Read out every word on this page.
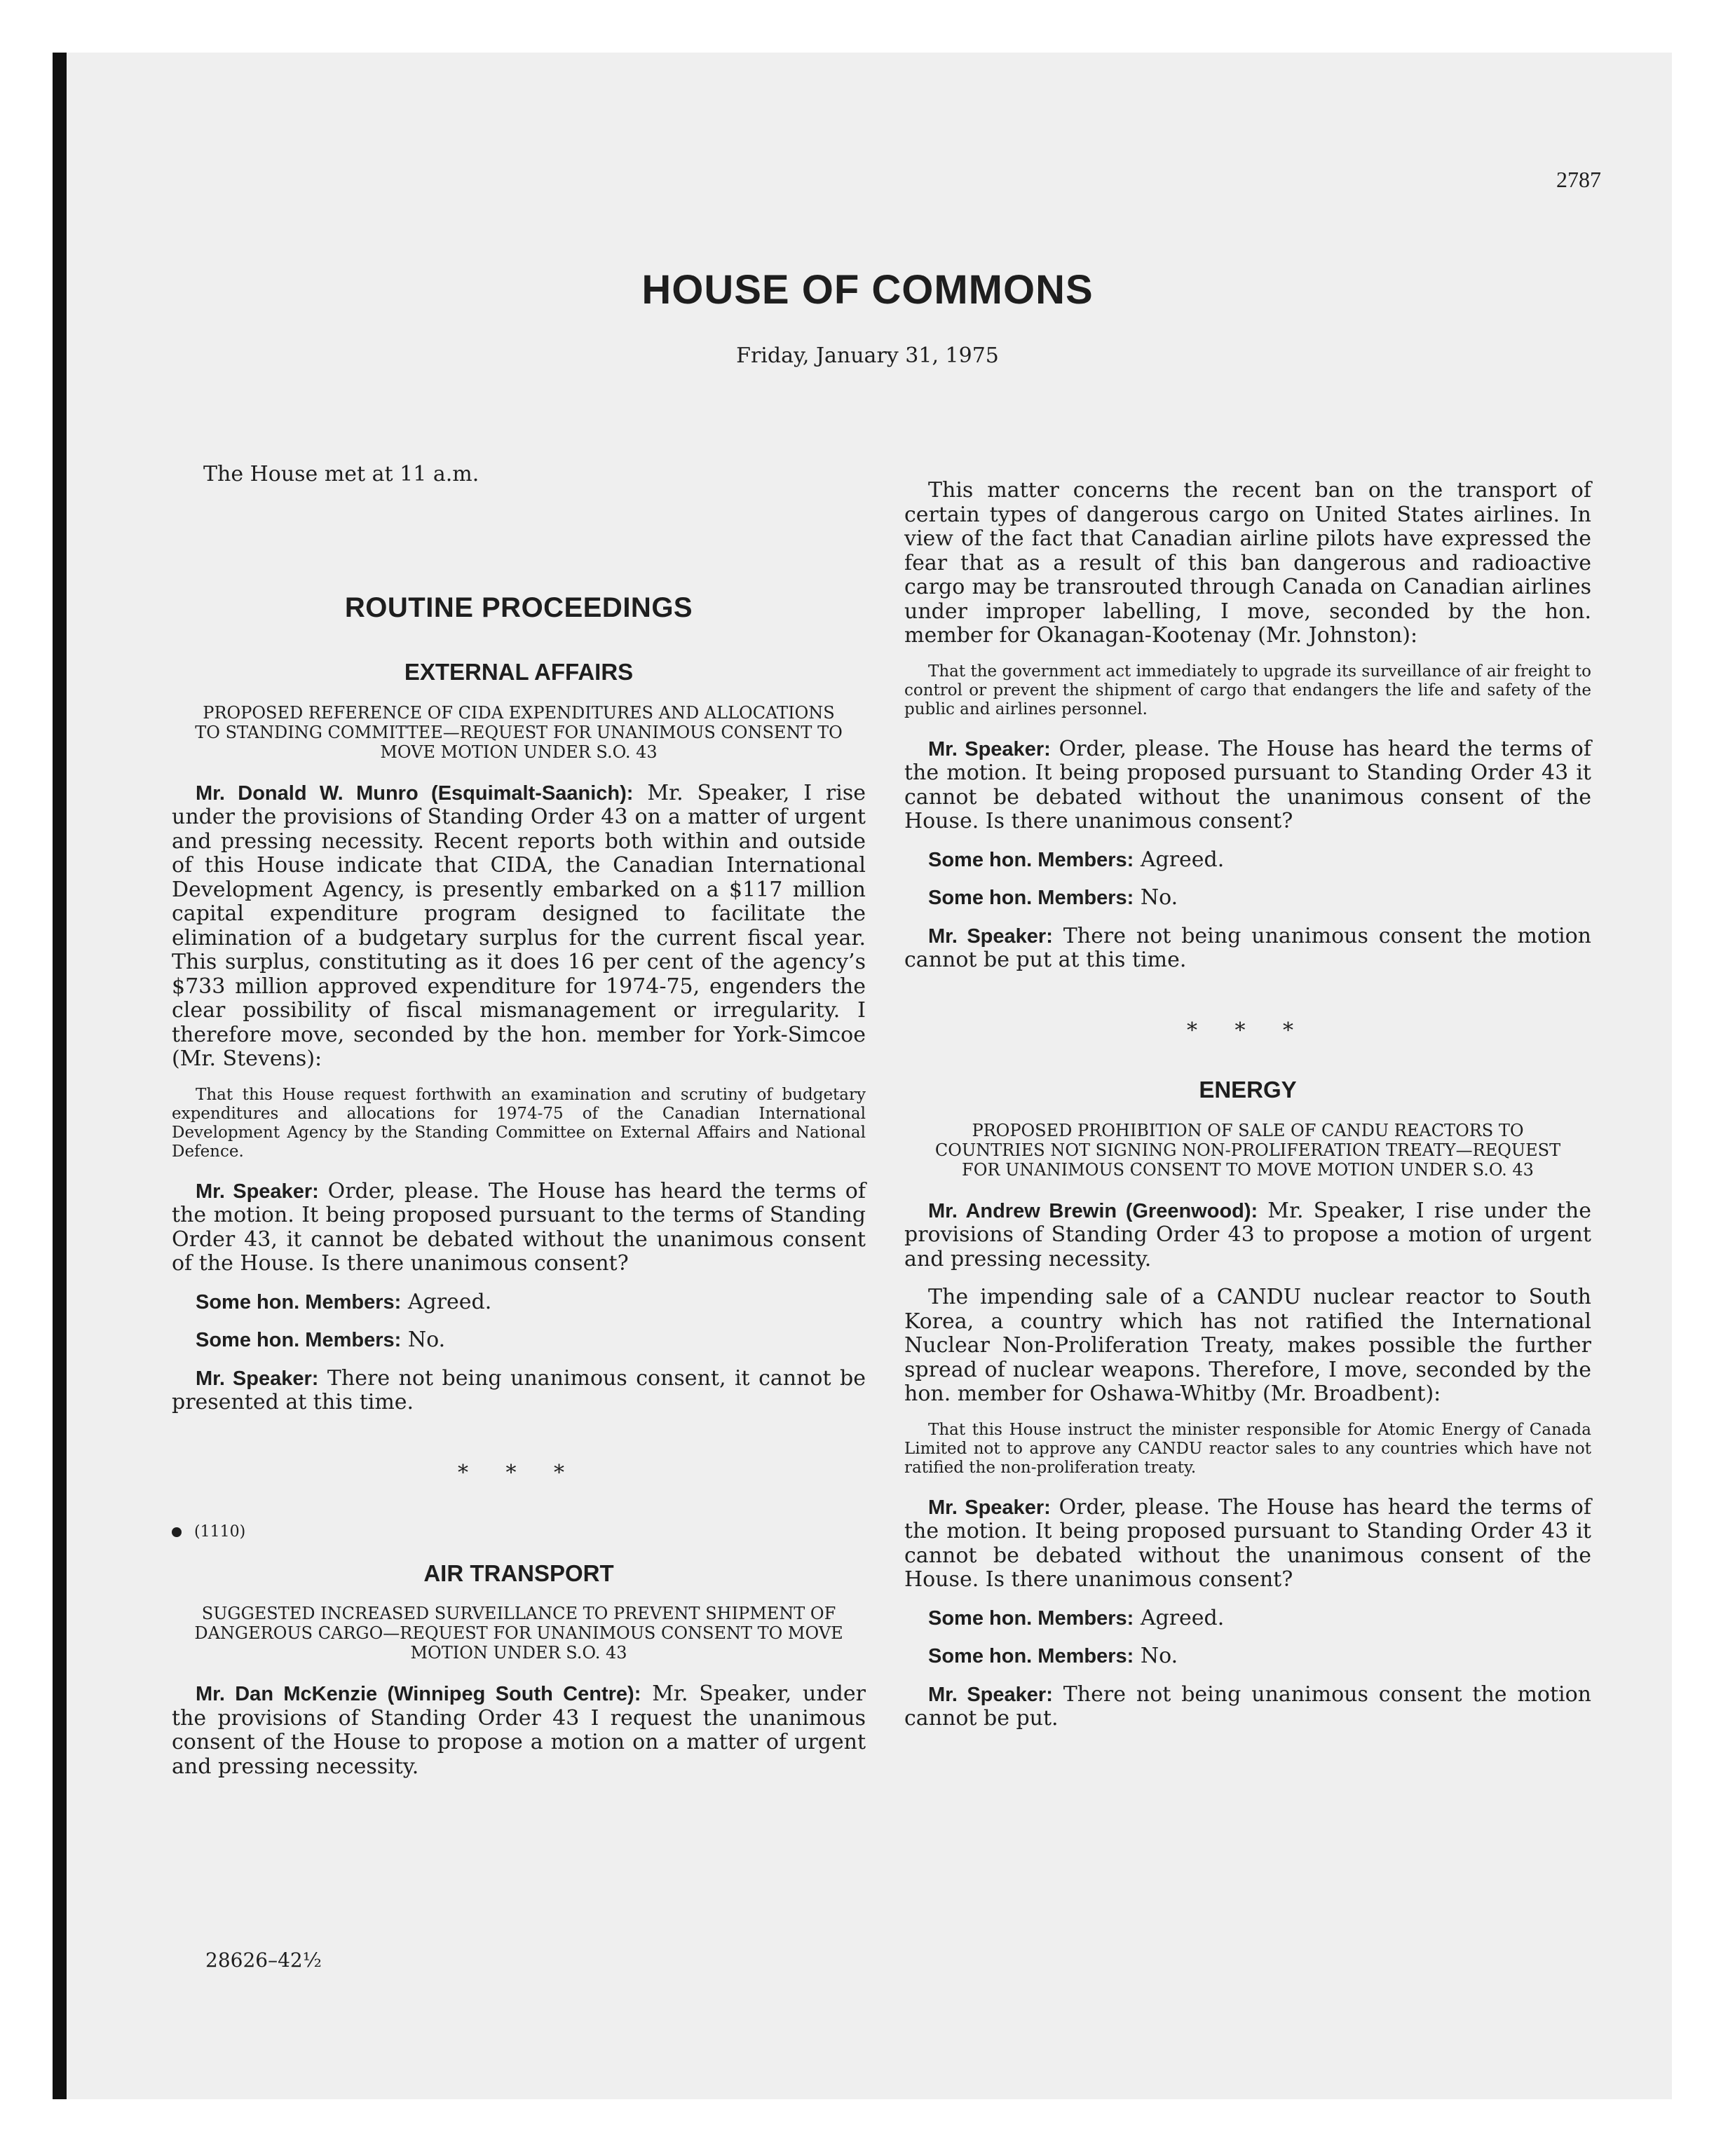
2787
HOUSE OF COMMONS
Friday, January 31, 1975

The House met at 11 a.m.

ROUTINE PROCEEDINGS
EXTERNAL AFFAIRS
PROPOSED REFERENCE OF CIDA EXPENDITURES AND ALLOCATIONS TO STANDING COMMITTEE—REQUEST FOR UNANIMOUS CONSENT TO MOVE MOTION UNDER S.O. 43

Mr. Donald W. Munro (Esquimalt-Saanich): Mr. Speaker, I rise under the provisions of Standing Order 43 on a matter of urgent and pressing necessity. Recent reports both within and outside of this House indicate that CIDA, the Canadian International Development Agency, is presently embarked on a $117 million capital expenditure program designed to facilitate the elimination of a budgetary surplus for the current fiscal year. This surplus, constituting as it does 16 per cent of the agency’s $733 million approved expenditure for 1974-75, engenders the clear possibility of fiscal mismanagement or irregularity. I therefore move, seconded by the hon. member for York-Simcoe (Mr. Stevens):

That this House request forthwith an examination and scrutiny of budgetary expenditures and allocations for 1974-75 of the Canadian International Development Agency by the Standing Committee on External Affairs and National Defence.

Mr. Speaker: Order, please. The House has heard the terms of the motion. It being proposed pursuant to the terms of Standing Order 43, it cannot be debated without the unanimous consent of the House. Is there unanimous consent?

Some hon. Members: Agreed.

Some hon. Members: No.

Mr. Speaker: There not being unanimous consent, it cannot be presented at this time.

* * *
(1110)
AIR TRANSPORT
SUGGESTED INCREASED SURVEILLANCE TO PREVENT SHIPMENT OF DANGEROUS CARGO—REQUEST FOR UNANIMOUS CONSENT TO MOVE MOTION UNDER S.O. 43

Mr. Dan McKenzie (Winnipeg South Centre): Mr. Speaker, under the provisions of Standing Order 43 I request the unanimous consent of the House to propose a motion on a matter of urgent and pressing necessity.

This matter concerns the recent ban on the transport of certain types of dangerous cargo on United States airlines. In view of the fact that Canadian airline pilots have expressed the fear that as a result of this ban dangerous and radioactive cargo may be transrouted through Canada on Canadian airlines under improper labelling, I move, seconded by the hon. member for Okanagan-Kootenay (Mr. Johnston):

That the government act immediately to upgrade its surveillance of air freight to control or prevent the shipment of cargo that endangers the life and safety of the public and airlines personnel.

Mr. Speaker: Order, please. The House has heard the terms of the motion. It being proposed pursuant to Standing Order 43 it cannot be debated without the unanimous consent of the House. Is there unanimous consent?

Some hon. Members: Agreed.

Some hon. Members: No.

Mr. Speaker: There not being unanimous consent the motion cannot be put at this time.

* * *
ENERGY
PROPOSED PROHIBITION OF SALE OF CANDU REACTORS TO COUNTRIES NOT SIGNING NON-PROLIFERATION TREATY—REQUEST FOR UNANIMOUS CONSENT TO MOVE MOTION UNDER S.O. 43

Mr. Andrew Brewin (Greenwood): Mr. Speaker, I rise under the provisions of Standing Order 43 to propose a motion of urgent and pressing necessity.

The impending sale of a CANDU nuclear reactor to South Korea, a country which has not ratified the International Nuclear Non-Proliferation Treaty, makes possible the further spread of nuclear weapons. Therefore, I move, seconded by the hon. member for Oshawa-Whitby (Mr. Broadbent):

That this House instruct the minister responsible for Atomic Energy of Canada Limited not to approve any CANDU reactor sales to any countries which have not ratified the non-proliferation treaty.

Mr. Speaker: Order, please. The House has heard the terms of the motion. It being proposed pursuant to Standing Order 43 it cannot be debated without the unanimous consent of the House. Is there unanimous consent?

Some hon. Members: Agreed.

Some hon. Members: No.

Mr. Speaker: There not being unanimous consent the motion cannot be put.

28626–42½
